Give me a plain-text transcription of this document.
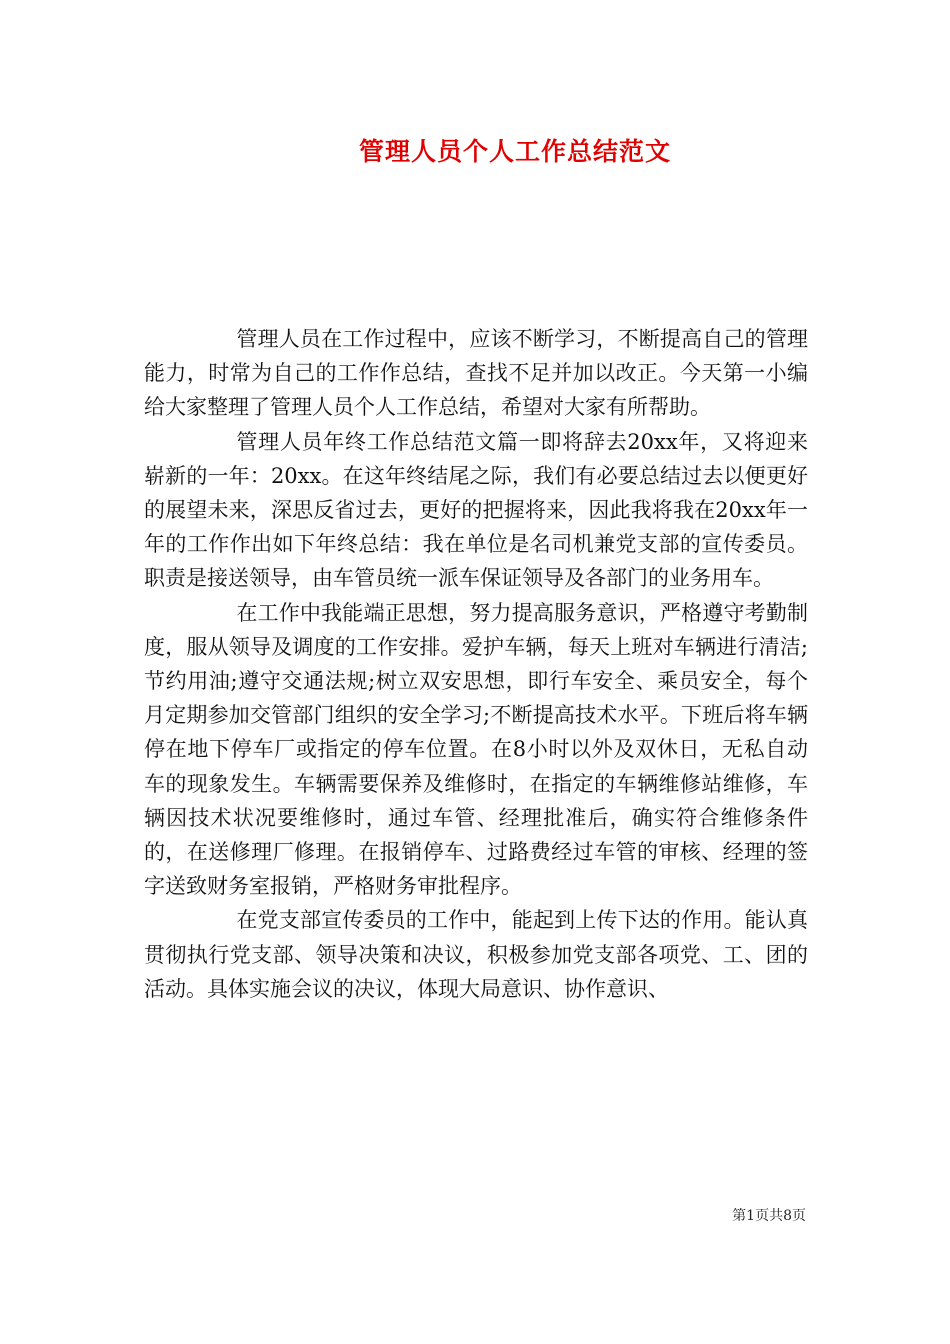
管理人员个人工作总结范文

管理人员在工作过程中，应该不断学习，不断提高自己的管理能力，时常为自己的工作作总结，查找不足并加以改正。今天第一小编给大家整理了管理人员个人工作总结，希望对大家有所帮助。

管理人员年终工作总结范文篇一即将辞去20xx年，又将迎来崭新的一年：20xx。在这年终结尾之际，我们有必要总结过去以便更好的展望未来，深思反省过去，更好的把握将来，因此我将我在20xx年一年的工作作出如下年终总结：我在单位是名司机兼党支部的宣传委员。职责是接送领导，由车管员统一派车保证领导及各部门的业务用车。

在工作中我能端正思想，努力提高服务意识，严格遵守考勤制度，服从领导及调度的工作安排。爱护车辆，每天上班对车辆进行清洁;节约用油;遵守交通法规;树立双安思想，即行车安全、乘员安全，每个月定期参加交管部门组织的安全学习;不断提高技术水平。下班后将车辆停在地下停车厂或指定的停车位置。在8小时以外及双休日，无私自动车的现象发生。车辆需要保养及维修时，在指定的车辆维修站维修，车辆因技术状况要维修时，通过车管、经理批准后，确实符合维修条件的，在送修理厂修理。在报销停车、过路费经过车管的审核、经理的签字送致财务室报销，严格财务审批程序。

在党支部宣传委员的工作中，能起到上传下达的作用。能认真贯彻执行党支部、领导决策和决议，积极参加党支部各项党、工、团的活动。具体实施会议的决议，体现大局意识、协作意识、

第1页共8页
